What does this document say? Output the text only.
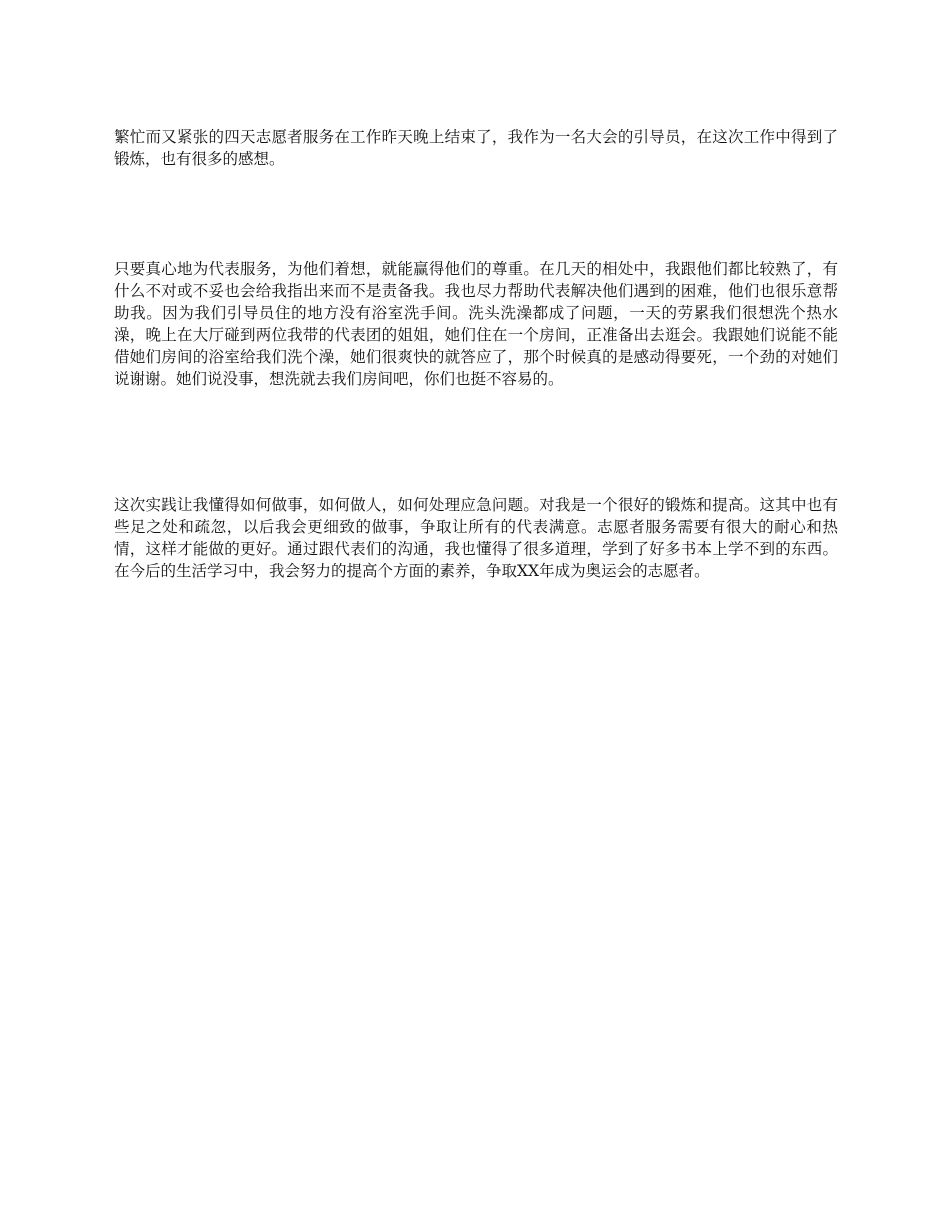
繁忙而又紧张的四天志愿者服务在工作昨天晚上结束了，我作为一名大会的引导员，在这次工作中得到了锻炼，也有很多的感想。

只要真心地为代表服务，为他们着想，就能赢得他们的尊重。在几天的相处中，我跟他们都比较熟了，有什么不对或不妥也会给我指出来而不是责备我。我也尽力帮助代表解决他们遇到的困难，他们也很乐意帮助我。因为我们引导员住的地方没有浴室洗手间。洗头洗澡都成了问题，一天的劳累我们很想洗个热水澡，晚上在大厅碰到两位我带的代表团的姐姐，她们住在一个房间，正准备出去逛会。我跟她们说能不能借她们房间的浴室给我们洗个澡，她们很爽快的就答应了，那个时候真的是感动得要死，一个劲的对她们说谢谢。她们说没事，想洗就去我们房间吧，你们也挺不容易的。

这次实践让我懂得如何做事，如何做人，如何处理应急问题。对我是一个很好的锻炼和提高。这其中也有些足之处和疏忽，以后我会更细致的做事，争取让所有的代表满意。志愿者服务需要有很大的耐心和热情，这样才能做的更好。通过跟代表们的沟通，我也懂得了很多道理，学到了好多书本上学不到的东西。在今后的生活学习中，我会努力的提高个方面的素养，争取XX年成为奥运会的志愿者。
